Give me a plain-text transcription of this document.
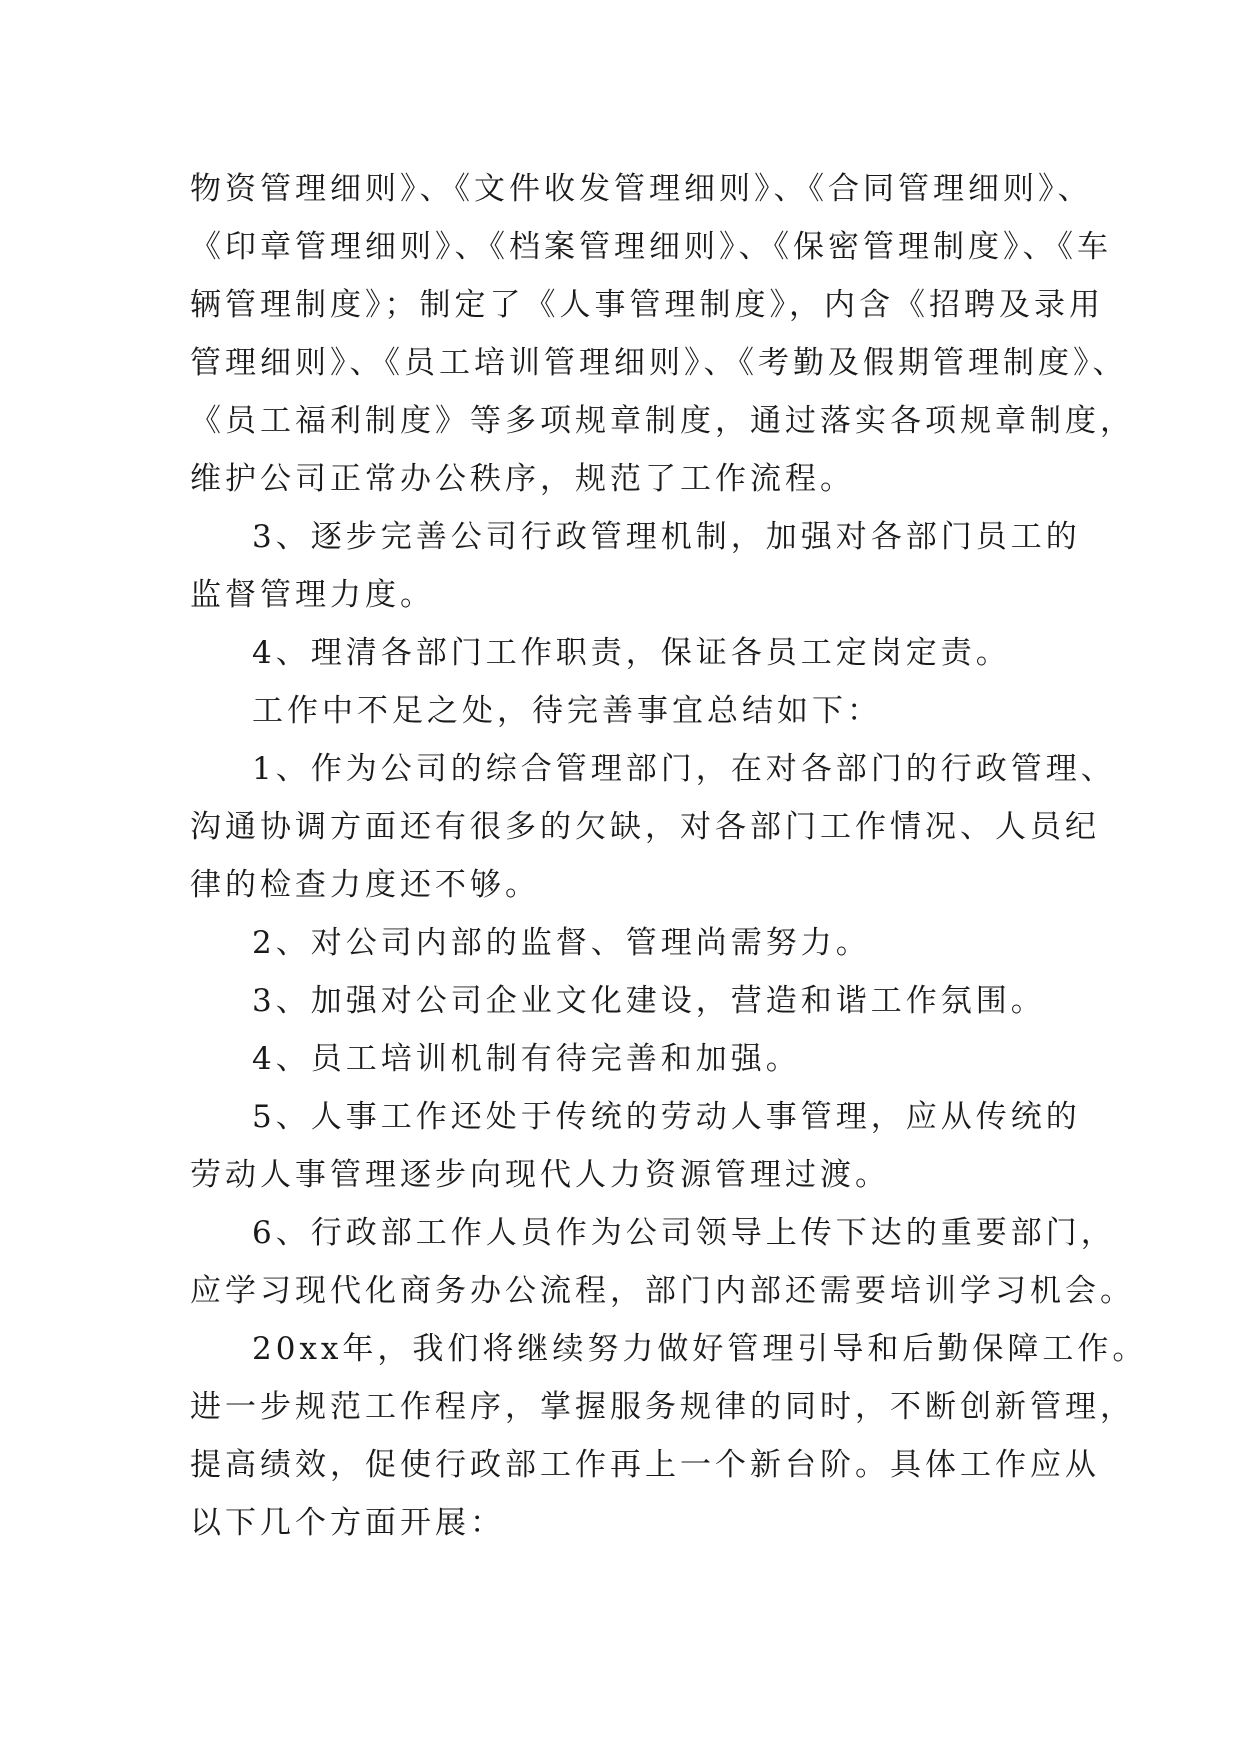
物资管理细则》、《文件收发管理细则》、《合同管理细则》、
《印章管理细则》、《档案管理细则》、《保密管理制度》、《车
辆管理制度》；制定了《人事管理制度》，内含《招聘及录用
管理细则》、《员工培训管理细则》、《考勤及假期管理制度》、
《员工福利制度》等多项规章制度，通过落实各项规章制度，
维护公司正常办公秩序，规范了工作流程。
3、逐步完善公司行政管理机制，加强对各部门员工的
监督管理力度。
4、理清各部门工作职责，保证各员工定岗定责。
工作中不足之处，待完善事宜总结如下：
1、作为公司的综合管理部门，在对各部门的行政管理、
沟通协调方面还有很多的欠缺，对各部门工作情况、人员纪
律的检查力度还不够。
2、对公司内部的监督、管理尚需努力。
3、加强对公司企业文化建设，营造和谐工作氛围。
4、员工培训机制有待完善和加强。
5、人事工作还处于传统的劳动人事管理，应从传统的
劳动人事管理逐步向现代人力资源管理过渡。
6、行政部工作人员作为公司领导上传下达的重要部门，
应学习现代化商务办公流程，部门内部还需要培训学习机会。
20xx年，我们将继续努力做好管理引导和后勤保障工作。
进一步规范工作程序，掌握服务规律的同时，不断创新管理，
提高绩效，促使行政部工作再上一个新台阶。具体工作应从
以下几个方面开展：
